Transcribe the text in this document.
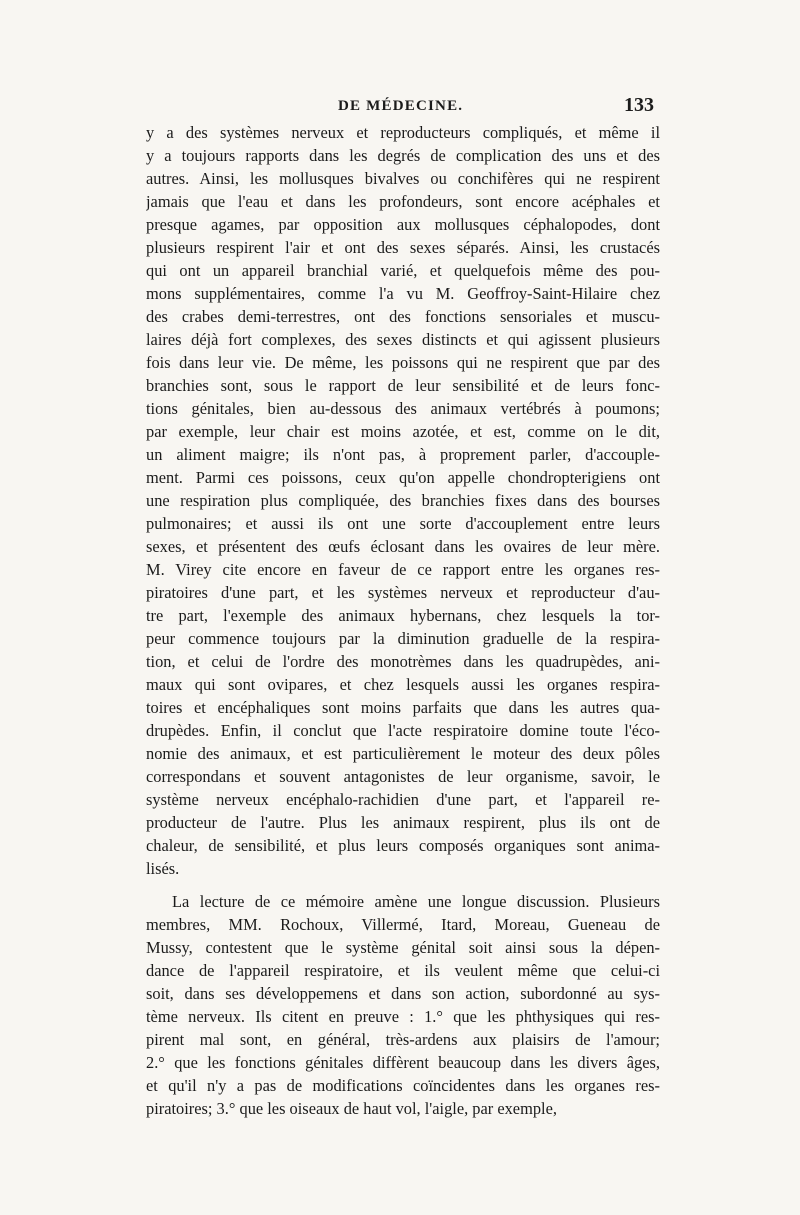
DE MÉDECINE.	133
y a des systèmes nerveux et reproducteurs compliqués, et même il
y a toujours rapports dans les degrés de complication des uns et des
autres. Ainsi, les mollusques bivalves ou conchifères qui ne respirent
jamais que l'eau et dans les profondeurs, sont encore acéphales et
presque agames, par opposition aux mollusques céphalopodes, dont
plusieurs respirent l'air et ont des sexes séparés. Ainsi, les crustacés
qui ont un appareil branchial varié, et quelquefois même des pou-
mons supplémentaires, comme l'a vu M. Geoffroy-Saint-Hilaire chez
des crabes demi-terrestres, ont des fonctions sensoriales et muscu-
laires déjà fort complexes, des sexes distincts et qui agissent plusieurs
fois dans leur vie. De même, les poissons qui ne respirent que par des
branchies sont, sous le rapport de leur sensibilité et de leurs fonc-
tions génitales, bien au-dessous des animaux vertébrés à poumons;
par exemple, leur chair est moins azotée, et est, comme on le dit,
un aliment maigre; ils n'ont pas, à proprement parler, d'accouple-
ment. Parmi ces poissons, ceux qu'on appelle chondropterigiens ont
une respiration plus compliquée, des branchies fixes dans des bourses
pulmonaires; et aussi ils ont une sorte d'accouplement entre leurs
sexes, et présentent des œufs éclosant dans les ovaires de leur mère.
M. Virey cite encore en faveur de ce rapport entre les organes res-
piratoires d'une part, et les systèmes nerveux et reproducteur d'au-
tre part, l'exemple des animaux hybernans, chez lesquels la tor-
peur commence toujours par la diminution graduelle de la respira-
tion, et celui de l'ordre des monotrèmes dans les quadrupèdes, ani-
maux qui sont ovipares, et chez lesquels aussi les organes respira-
toires et encéphaliques sont moins parfaits que dans les autres qua-
drupèdes. Enfin, il conclut que l'acte respiratoire domine toute l'éco-
nomie des animaux, et est particulièrement le moteur des deux pôles
correspondans et souvent antagonistes de leur organisme, savoir, le
système nerveux encéphalo-rachidien d'une part, et l'appareil re-
producteur de l'autre. Plus les animaux respirent, plus ils ont de
chaleur, de sensibilité, et plus leurs composés organiques sont anima-
lisés.
La lecture de ce mémoire amène une longue discussion. Plusieurs
membres, MM. Rochoux, Villermé, Itard, Moreau, Gueneau de
Mussy, contestent que le système génital soit ainsi sous la dépen-
dance de l'appareil respiratoire, et ils veulent même que celui-ci
soit, dans ses développemens et dans son action, subordonné au sys-
tème nerveux. Ils citent en preuve : 1.° que les phthysiques qui res-
pirent mal sont, en général, très-ardens aux plaisirs de l'amour;
2.° que les fonctions génitales diffèrent beaucoup dans les divers âges,
et qu'il n'y a pas de modifications coïncidentes dans les organes res-
piratoires; 3.° que les oiseaux de haut vol, l'aigle, par exemple,
